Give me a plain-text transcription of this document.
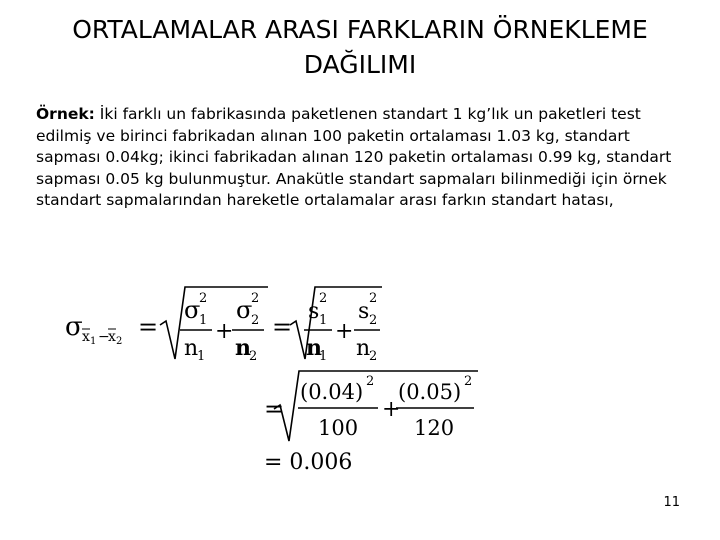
ORTALAMALAR ARASI FARKLARIN ÖRNEKLEME
DAĞILIMI

Örnek: İki farklı un fabrikasında paketlenen standart 1 kg’lık un paketleri test edilmiş ve birinci fabrikadan alınan 100 paketin ortalaması 1.03 kg, standart sapması 0.04kg; ikinci fabrikadan alınan 120 paketin ortalaması 0.99 kg, standart sapması 0.05 kg bulunmuştur. Anakütle standart sapmaları bilinmediği için örnek standart sapmalarından hareketle ortalamalar arası farkın standart hatası,

σ x 1 −
x 2
=
σ
2
1
n
1
+
σ
2
2
n
2
=
s
2
1
n
1
+
s
2
2
n
2
=
(0.04) 2
100
+
(0.05) 2
120
= 0.006
11
